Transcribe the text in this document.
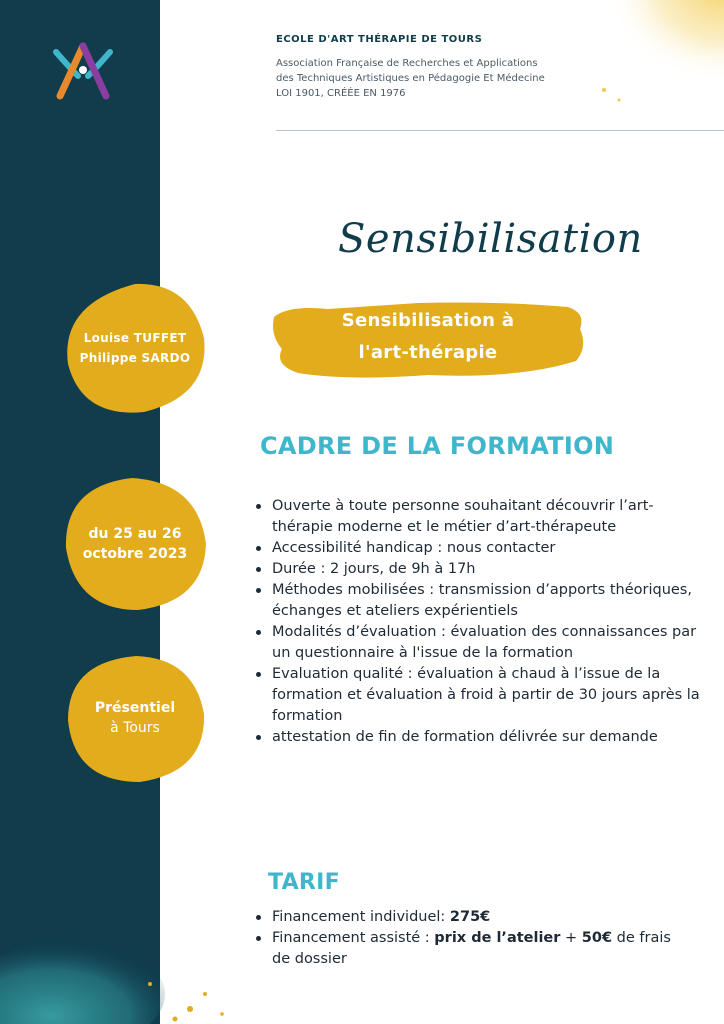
ECOLE D'ART THÉRAPIE DE TOURS
Association Française de Recherches et Applications
des Techniques Artistiques en Pédagogie Et Médecine
LOI 1901, CRÉÉE EN 1976
Sensibilisation
Sensibilisation à
l'art-thérapie
Louise TUFFET
Philippe SARDO
du 25 au 26
octobre 2023
Présentiel
à Tours
CADRE DE LA FORMATION
Ouverte à toute personne souhaitant découvrir l’art-thérapie moderne et le métier d’art-thérapeute
Accessibilité handicap : nous contacter
Durée : 2 jours, de 9h à 17h
Méthodes mobilisées : transmission d’apports théoriques, échanges et ateliers expérientiels
Modalités d’évaluation : évaluation des connaissances par un questionnaire à l'issue de la formation
Evaluation qualité : évaluation à chaud à l’issue de la formation et évaluation à froid à partir de 30 jours après la formation
attestation de fin de formation délivrée sur demande
TARIF
Financement individuel: 275€
Financement assisté : prix de l’atelier + 50€ de frais de dossier
